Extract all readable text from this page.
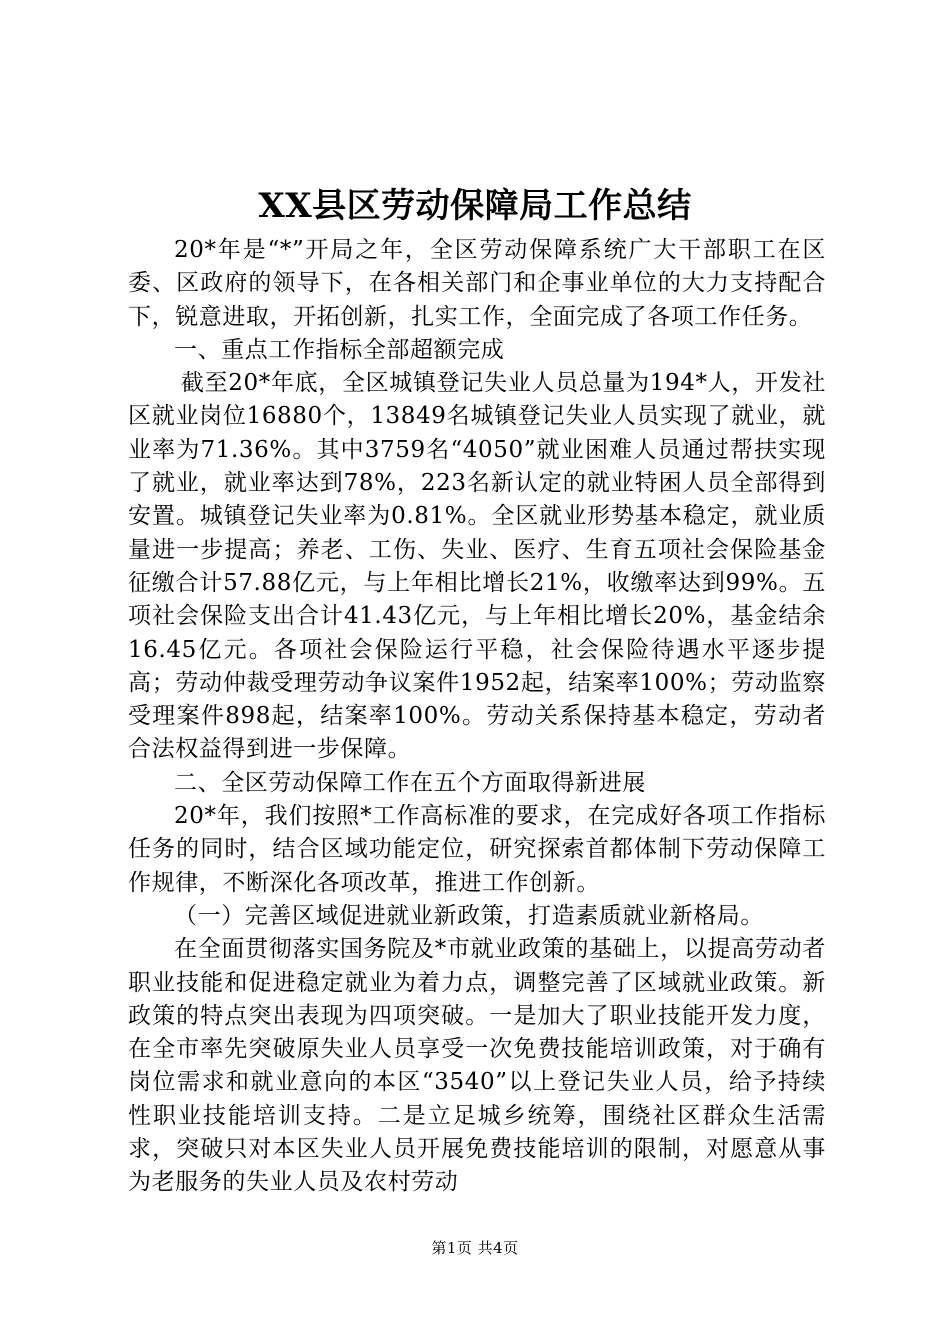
XX县区劳动保障局工作总结

20*年是“*”开局之年，全区劳动保障系统广大干部职工在区委、区政府的领导下，在各相关部门和企事业单位的大力支持配合下，锐意进取，开拓创新，扎实工作，全面完成了各项工作任务。

一、重点工作指标全部超额完成

截至20*年底，全区城镇登记失业人员总量为194*人，开发社区就业岗位16880个，13849名城镇登记失业人员实现了就业，就业率为71.36%。其中3759名“4050”就业困难人员通过帮扶实现了就业，就业率达到78%，223名新认定的就业特困人员全部得到安置。城镇登记失业率为0.81%。全区就业形势基本稳定，就业质量进一步提高；养老、工伤、失业、医疗、生育五项社会保险基金征缴合计57.88亿元，与上年相比增长21%，收缴率达到99%。五项社会保险支出合计41.43亿元，与上年相比增长20%，基金结余16.45亿元。各项社会保险运行平稳，社会保险待遇水平逐步提高；劳动仲裁受理劳动争议案件1952起，结案率100%；劳动监察受理案件898起，结案率100%。劳动关系保持基本稳定，劳动者合法权益得到进一步保障。

二、全区劳动保障工作在五个方面取得新进展

20*年，我们按照*工作高标准的要求，在完成好各项工作指标任务的同时，结合区域功能定位，研究探索首都体制下劳动保障工作规律，不断深化各项改革，推进工作创新。

（一）完善区域促进就业新政策，打造素质就业新格局。

在全面贯彻落实国务院及*市就业政策的基础上，以提高劳动者职业技能和促进稳定就业为着力点，调整完善了区域就业政策。新政策的特点突出表现为四项突破。一是加大了职业技能开发力度，在全市率先突破原失业人员享受一次免费技能培训政策，对于确有岗位需求和就业意向的本区“3540”以上登记失业人员，给予持续性职业技能培训支持。二是立足城乡统筹，围绕社区群众生活需求，突破只对本区失业人员开展免费技能培训的限制，对愿意从事为老服务的失业人员及农村劳动

第1页 共4页
